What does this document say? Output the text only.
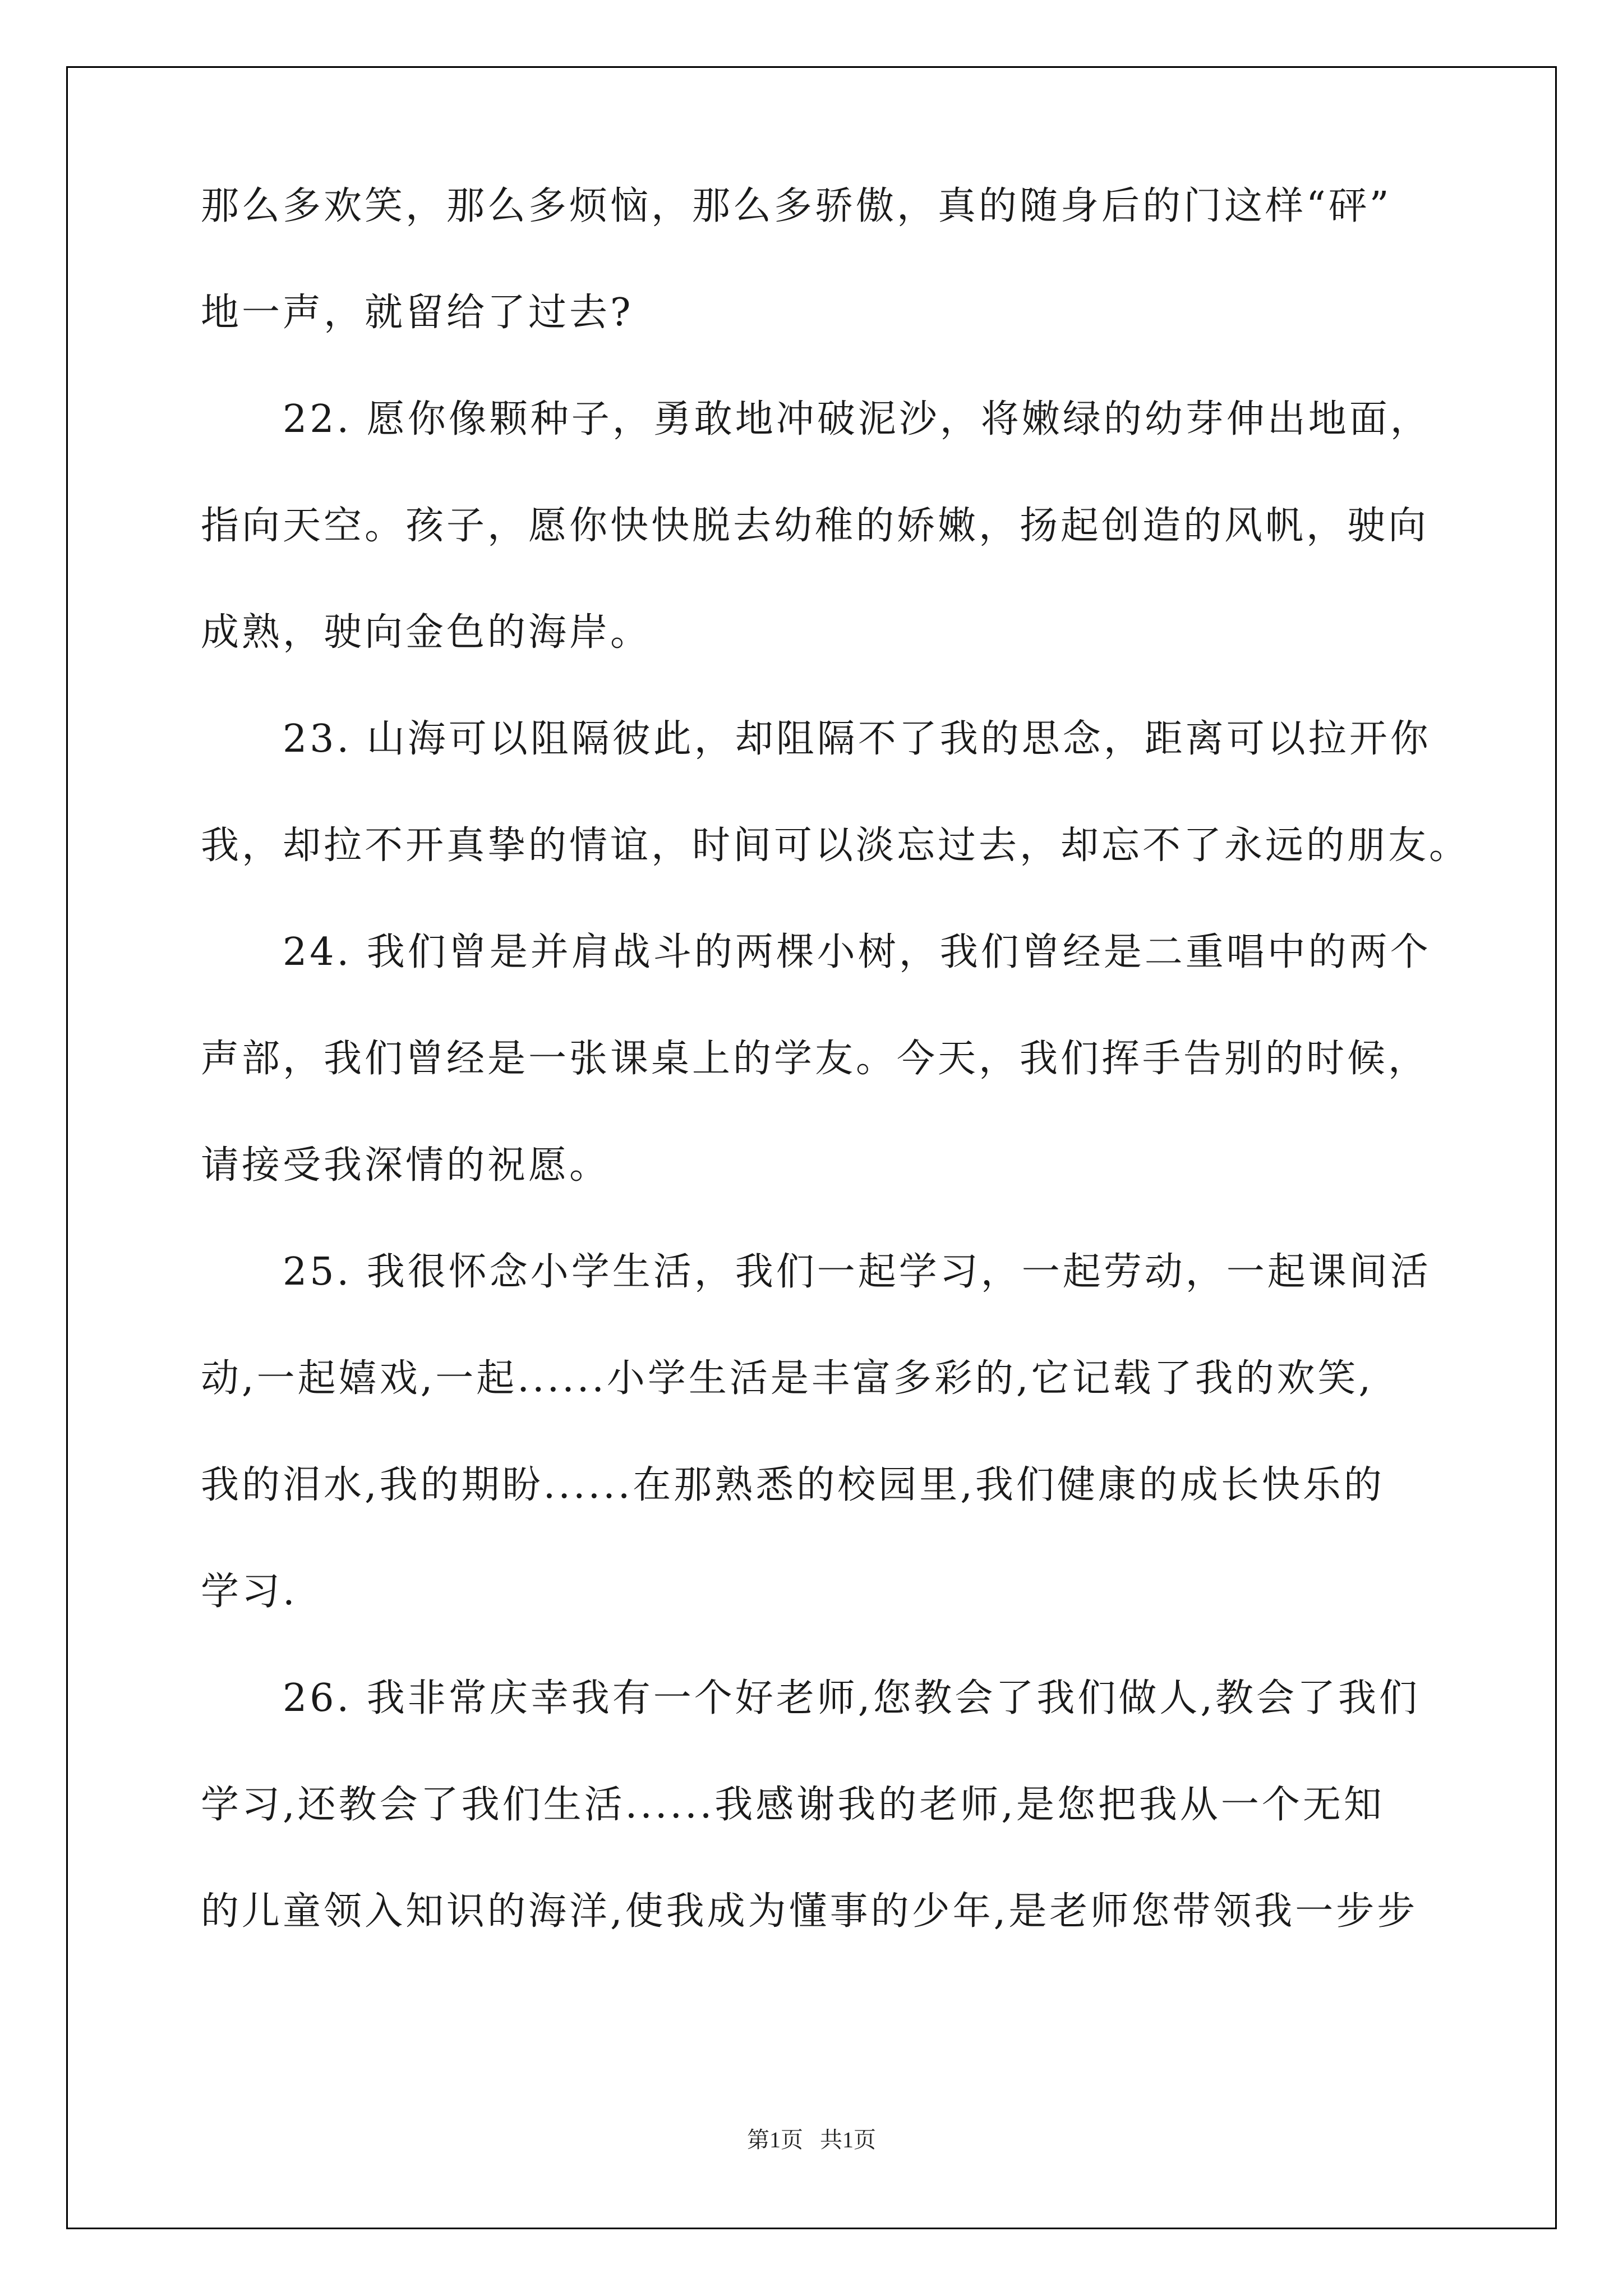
那么多欢笑，那么多烦恼，那么多骄傲，真的随身后的门这样“砰”
地一声，就留给了过去?
　　22. 愿你像颗种子，勇敢地冲破泥沙，将嫩绿的幼芽伸出地面，
指向天空。孩子，愿你快快脱去幼稚的娇嫩，扬起创造的风帆，驶向
成熟，驶向金色的海岸。
　　23. 山海可以阻隔彼此，却阻隔不了我的思念，距离可以拉开你
我，却拉不开真挚的情谊，时间可以淡忘过去，却忘不了永远的朋友。
　　24. 我们曾是并肩战斗的两棵小树，我们曾经是二重唱中的两个
声部，我们曾经是一张课桌上的学友。今天，我们挥手告别的时候，
请接受我深情的祝愿。
　　25. 我很怀念小学生活，我们一起学习，一起劳动，一起课间活
动,一起嬉戏,一起......小学生活是丰富多彩的,它记载了我的欢笑,
我的泪水,我的期盼......在那熟悉的校园里,我们健康的成长快乐的
学习.
　　26. 我非常庆幸我有一个好老师,您教会了我们做人,教会了我们
学习,还教会了我们生活......我感谢我的老师,是您把我从一个无知
的儿童领入知识的海洋,使我成为懂事的少年,是老师您带领我一步步
第1页 共1页
